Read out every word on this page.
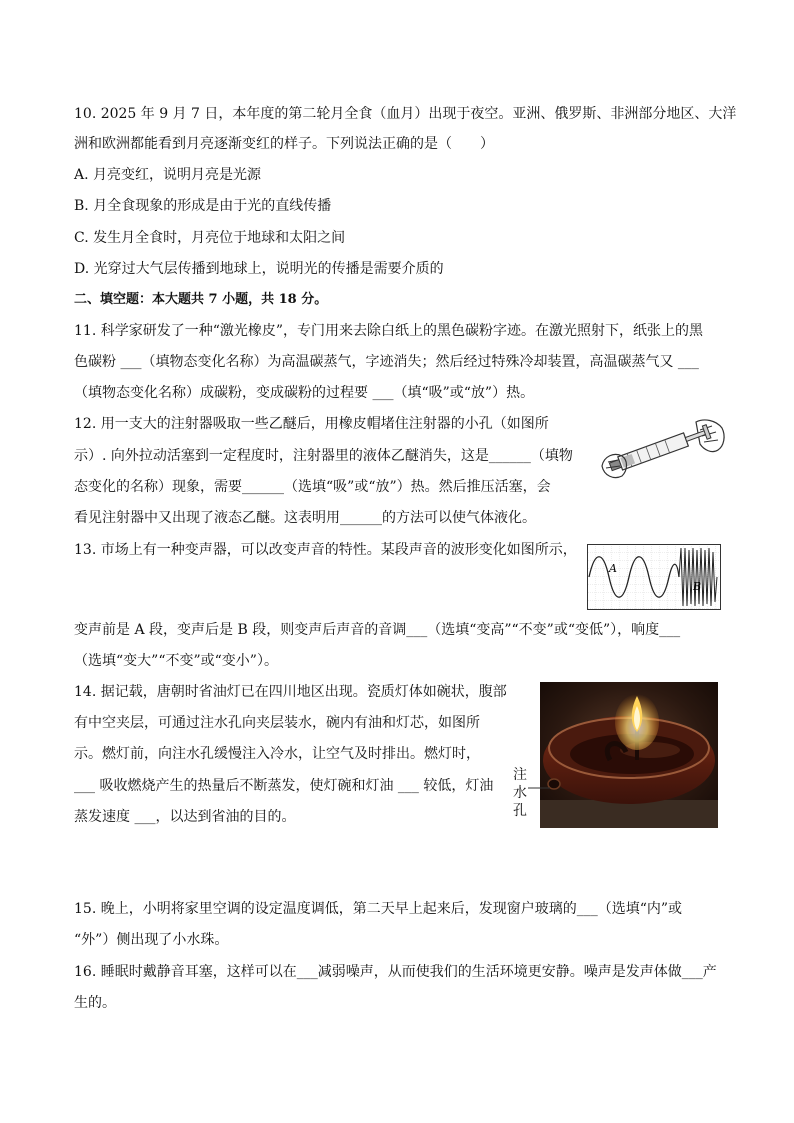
10. 2025 年 9 月 7 日，本年度的第二轮月全食（血月）出现于夜空。亚洲、俄罗斯、非洲部分地区、大洋
洲和欧洲都能看到月亮逐渐变红的样子。下列说法正确的是（　　）
A. 月亮变红，说明月亮是光源
B. 月全食现象的形成是由于光的直线传播
C. 发生月全食时，月亮位于地球和太阳之间
D. 光穿过大气层传播到地球上，说明光的传播是需要介质的
二、填空题：本大题共 7 小题，共 18 分。
11. 科学家研发了一种“激光橡皮”，专门用来去除白纸上的黑色碳粉字迹。在激光照射下，纸张上的黑
色碳粉 ___（填物态变化名称）为高温碳蒸气，字迹消失；然后经过特殊冷却装置，高温碳蒸气又 ___
（填物态变化名称）成碳粉，变成碳粉的过程要 ___（填“吸”或“放”）热。
12. 用一支大的注射器吸取一些乙醚后，用橡皮帽堵住注射器的小孔（如图所
示）. 向外拉动活塞到一定程度时，注射器里的液体乙醚消失，这是______（填物
态变化的名称）现象，需要______（选填“吸”或“放”）热。然后推压活塞，会
看见注射器中又出现了液态乙醚。这表明用______的方法可以使气体液化。
13. 市场上有一种变声器，可以改变声音的特性。某段声音的波形变化如图所示，
A
B
变声前是 A 段，变声后是 B 段，则变声后声音的音调___（选填“变高”“不变”或“变低”），响度___
（选填“变大”“不变”或“变小”）。
14. 据记载，唐朝时省油灯已在四川地区出现。瓷质灯体如碗状，腹部
有中空夹层，可通过注水孔向夹层装水，碗内有油和灯芯，如图所
示。燃灯前，向注水孔缓慢注入冷水，让空气及时排出。燃灯时，
___ 吸收燃烧产生的热量后不断蒸发，使灯碗和灯油 ___ 较低，灯油
蒸发速度 ___，以达到省油的目的。
注
水
孔
15. 晚上，小明将家里空调的设定温度调低，第二天早上起来后，发现窗户玻璃的___（选填“内”或
“外”）侧出现了小水珠。
16. 睡眠时戴静音耳塞，这样可以在___减弱噪声，从而使我们的生活环境更安静。噪声是发声体做___产
生的。
